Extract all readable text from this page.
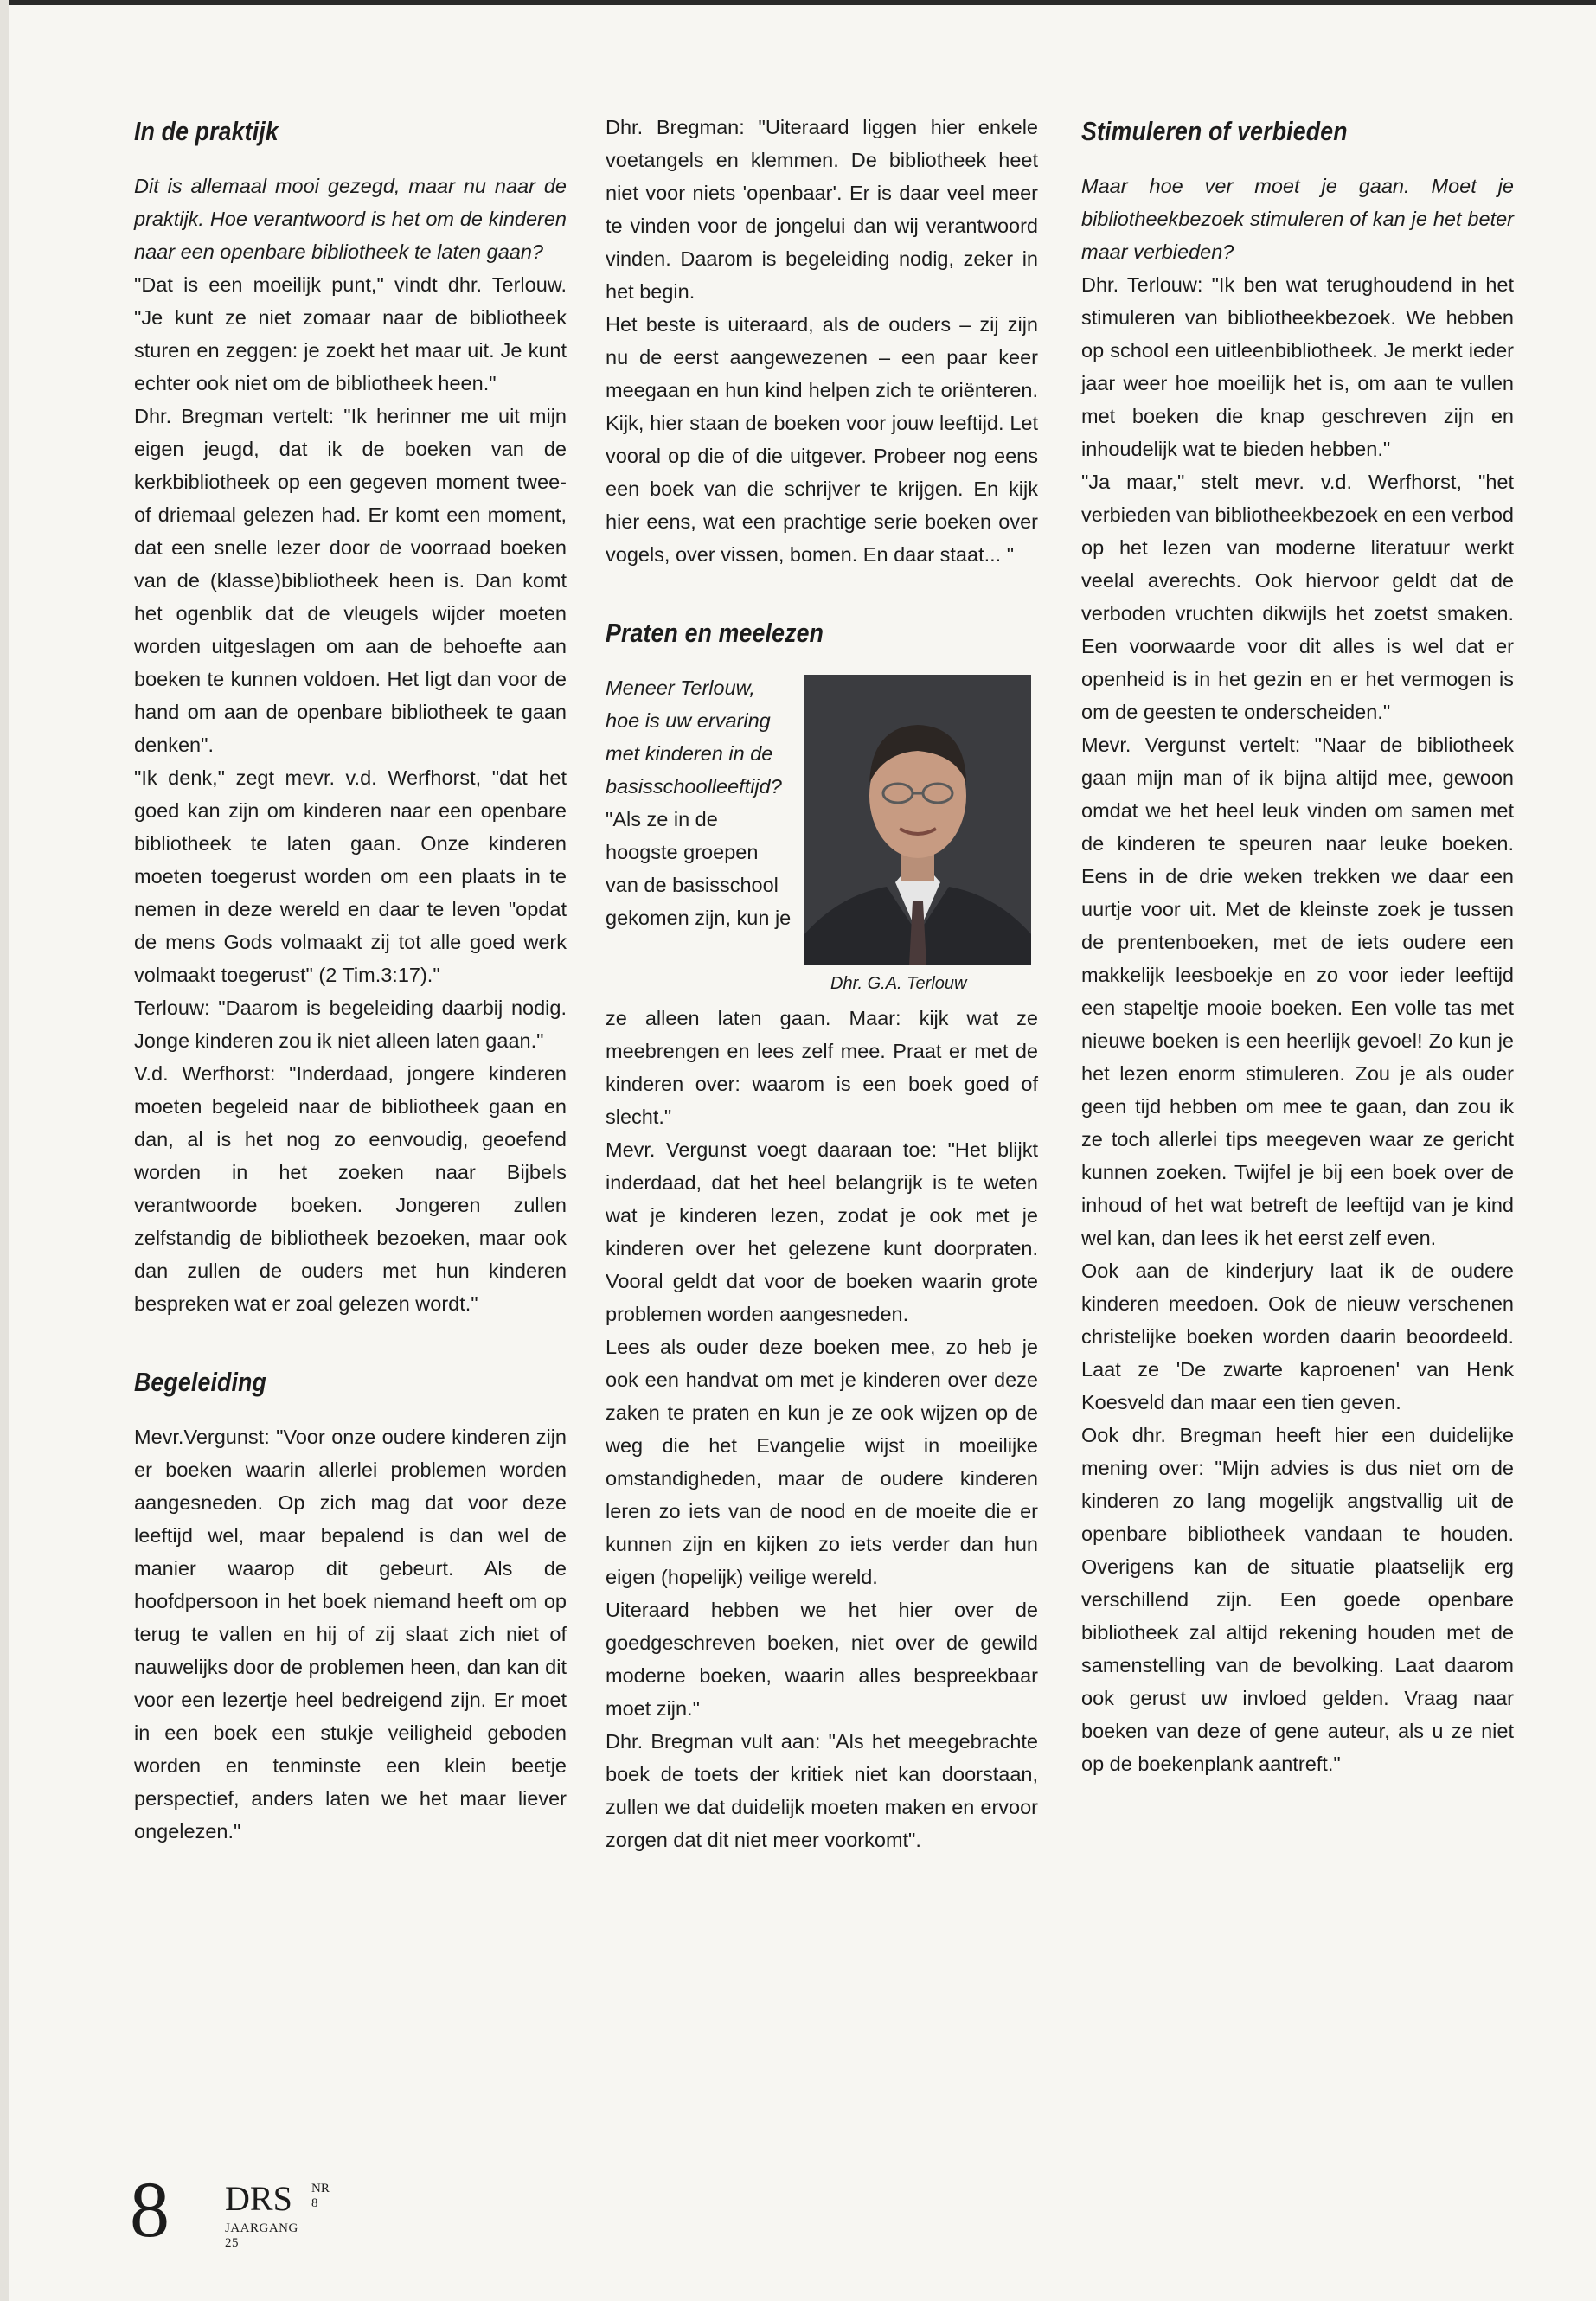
In de praktijk

Dit is allemaal mooi gezegd, maar nu naar de praktijk. Hoe verantwoord is het om de kinderen naar een openbare bibliotheek te laten gaan?

"Dat is een moeilijk punt," vindt dhr. Terlouw. "Je kunt ze niet zomaar naar de bibliotheek sturen en zeggen: je zoekt het maar uit. Je kunt echter ook niet om de bibliotheek heen."

Dhr. Bregman vertelt: "Ik herinner me uit mijn eigen jeugd, dat ik de boeken van de kerkbibliotheek op een gegeven moment twee- of driemaal gelezen had. Er komt een moment, dat een snelle lezer door de voorraad boeken van de (klasse)bibliotheek heen is. Dan komt het ogenblik dat de vleugels wijder moeten worden uitgeslagen om aan de behoefte aan boeken te kunnen voldoen. Het ligt dan voor de hand om aan de openbare bibliotheek te gaan denken".

"Ik denk," zegt mevr. v.d. Werfhorst, "dat het goed kan zijn om kinderen naar een openbare bibliotheek te laten gaan. Onze kinderen moeten toegerust worden om een plaats in te nemen in deze wereld en daar te leven "opdat de mens Gods volmaakt zij tot alle goed werk volmaakt toegerust" (2 Tim.3:17)."

Terlouw: "Daarom is begeleiding daarbij nodig. Jonge kinderen zou ik niet alleen laten gaan."

V.d. Werfhorst: "Inderdaad, jongere kinderen moeten begeleid naar de bibliotheek gaan en dan, al is het nog zo eenvoudig, geoefend worden in het zoeken naar Bijbels verantwoorde boeken. Jongeren zullen zelfstandig de bibliotheek bezoeken, maar ook dan zullen de ouders met hun kinderen bespreken wat er zoal gelezen wordt."

Begeleiding

Mevr.Vergunst: "Voor onze oudere kinderen zijn er boeken waarin allerlei problemen worden aangesneden. Op zich mag dat voor deze leeftijd wel, maar bepalend is dan wel de manier waarop dit gebeurt. Als de hoofdpersoon in het boek niemand heeft om op terug te vallen en hij of zij slaat zich niet of nauwelijks door de problemen heen, dan kan dit voor een lezertje heel bedreigend zijn. Er moet in een boek een stukje veiligheid geboden worden en tenminste een klein beetje perspectief, anders laten we het maar liever ongelezen."

Dhr. Bregman: "Uiteraard liggen hier enkele voetangels en klemmen. De bibliotheek heet niet voor niets 'openbaar'. Er is daar veel meer te vinden voor de jongelui dan wij verantwoord vinden. Daarom is begeleiding nodig, zeker in het begin.

Het beste is uiteraard, als de ouders – zij zijn nu de eerst aangewezenen – een paar keer meegaan en hun kind helpen zich te oriënteren. Kijk, hier staan de boeken voor jouw leeftijd. Let vooral op die of die uitgever. Probeer nog eens een boek van die schrijver te krijgen. En kijk hier eens, wat een prachtige serie boeken over vogels, over vissen, bomen. En daar staat... "

Praten en meelezen

Meneer Terlouw, hoe is uw ervaring met kinderen in de basisschoolleeftijd?

"Als ze in de hoogste groepen van de basisschool gekomen zijn, kun je

Dhr. G.A. Terlouw

ze alleen laten gaan. Maar: kijk wat ze meebrengen en lees zelf mee. Praat er met de kinderen over: waarom is een boek goed of slecht."

Mevr. Vergunst voegt daaraan toe: "Het blijkt inderdaad, dat het heel belangrijk is te weten wat je kinderen lezen, zodat je ook met je kinderen over het gelezene kunt doorpraten. Vooral geldt dat voor de boeken waarin grote problemen worden aangesneden.

Lees als ouder deze boeken mee, zo heb je ook een handvat om met je kinderen over deze zaken te praten en kun je ze ook wijzen op de weg die het Evangelie wijst in moeilijke omstandigheden, maar de oudere kinderen leren zo iets van de nood en de moeite die er kunnen zijn en kijken zo iets verder dan hun eigen (hopelijk) veilige wereld.

Uiteraard hebben we het hier over de goedgeschreven boeken, niet over de gewild moderne boeken, waarin alles bespreekbaar moet zijn."

Dhr. Bregman vult aan: "Als het meegebrachte boek de toets der kritiek niet kan doorstaan, zullen we dat duidelijk moeten maken en ervoor zorgen dat dit niet meer voorkomt".

Stimuleren of verbieden

Maar hoe ver moet je gaan. Moet je bibliotheekbezoek stimuleren of kan je het beter maar verbieden?

Dhr. Terlouw: "Ik ben wat terughoudend in het stimuleren van bibliotheekbezoek. We hebben op school een uitleenbibliotheek. Je merkt ieder jaar weer hoe moeilijk het is, om aan te vullen met boeken die knap geschreven zijn en inhoudelijk wat te bieden hebben."

"Ja maar," stelt mevr. v.d. Werfhorst, "het verbieden van bibliotheekbezoek en een verbod op het lezen van moderne literatuur werkt veelal averechts. Ook hiervoor geldt dat de verboden vruchten dikwijls het zoetst smaken. Een voorwaarde voor dit alles is wel dat er openheid is in het gezin en er het vermogen is om de geesten te onderscheiden."

Mevr. Vergunst vertelt: "Naar de bibliotheek gaan mijn man of ik bijna altijd mee, gewoon omdat we het heel leuk vinden om samen met de kinderen te speuren naar leuke boeken. Eens in de drie weken trekken we daar een uurtje voor uit. Met de kleinste zoek je tussen de prentenboeken, met de iets oudere een makkelijk leesboekje en zo voor ieder leeftijd een stapeltje mooie boeken. Een volle tas met nieuwe boeken is een heerlijk gevoel! Zo kun je het lezen enorm stimuleren. Zou je als ouder geen tijd hebben om mee te gaan, dan zou ik ze toch allerlei tips meegeven waar ze gericht kunnen zoeken. Twijfel je bij een boek over de inhoud of het wat betreft de leeftijd van je kind wel kan, dan lees ik het eerst zelf even.

Ook aan de kinderjury laat ik de oudere kinderen meedoen. Ook de nieuw verschenen christelijke boeken worden daarin beoordeeld. Laat ze 'De zwarte kaproenen' van Henk Koesveld dan maar een tien geven.

Ook dhr. Bregman heeft hier een duidelijke mening over: "Mijn advies is dus niet om de kinderen zo lang mogelijk angstvallig uit de openbare bibliotheek vandaan te houden. Overigens kan de situatie plaatselijk erg verschillend zijn. Een goede openbare bibliotheek zal altijd rekening houden met de samenstelling van de bevolking. Laat daarom ook gerust uw invloed gelden. Vraag naar boeken van deze of gene auteur, als u ze niet op de boekenplank aantreft."

8 DRS NR 8
JAARGANG 25
